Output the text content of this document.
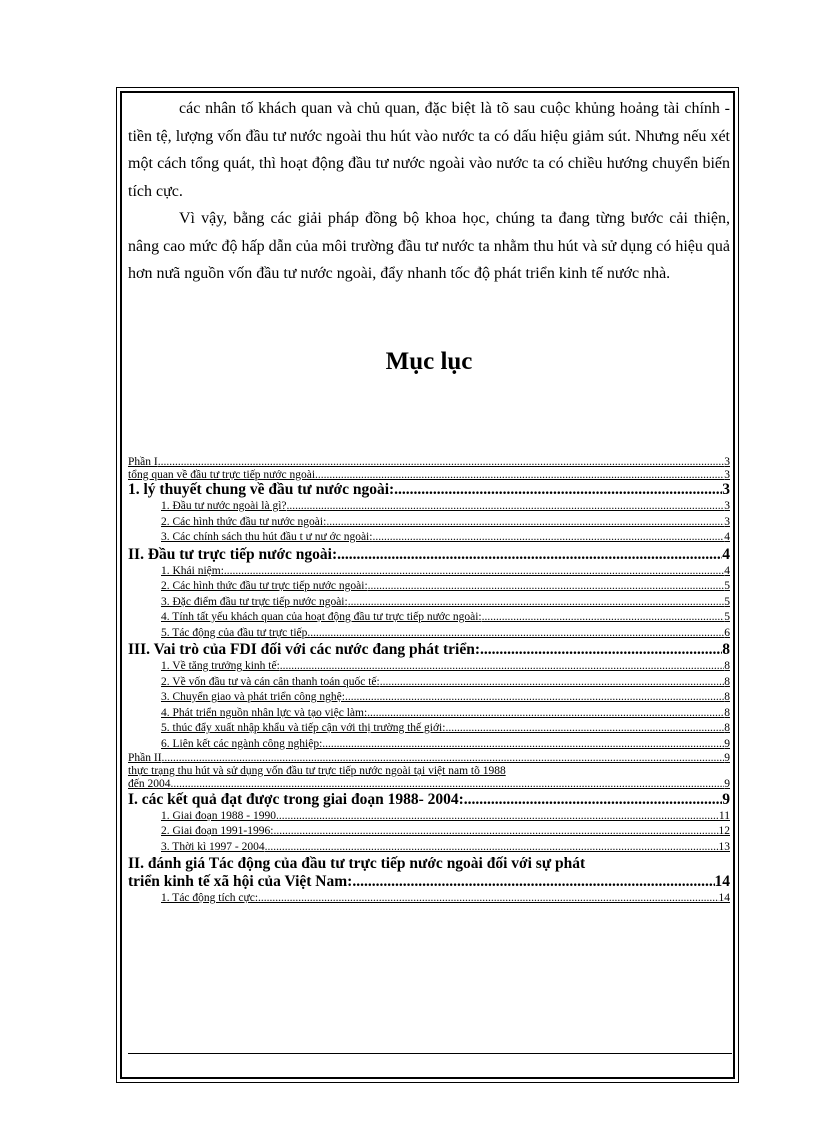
các nhân tố khách quan và chủ quan, đặc biệt là tõ sau cuộc khủng hoảng tài chính - tiền tệ, lượng vốn đầu tư nước ngoài thu hút vào nước ta có dấu hiệu giảm sút. Nhưng nếu xét một cách tổng quát, thì hoạt động đầu tư nước ngoài vào nước ta có chiều hướng chuyển biến tích cực.

Vì vậy, bằng các giải pháp đồng bộ khoa học, chúng ta đang từng bước cải thiện, nâng cao mức độ hấp dẫn của môi trường đầu tư nước ta nhằm thu hút và sử dụng có hiệu quả hơn nưã nguồn vốn đầu tư nước ngoài, đẩy nhanh tốc độ phát triển kinh tế nước nhà.

Mục lục
Phần I .....	3
tổng quan về đầu tư trực tiếp nước ngoài .....	3
1. lý thuyết chung về đầu tư nước ngoài: .....	3
1. Đầu tư nước ngoài là gì? .....	3
2. Các hình thức đầu tư nước ngoài: .....	3
3. Các chính sách thu hút đầu t ư nư ớc ngoài: .....	4
II. Đầu tư trực tiếp nước ngoài: .....	4
1. Khái niệm: .....	4
2. Các hình thức đầu tư trực tiếp nước ngoài: .....	5
3. Đặc điểm đầu tư trực tiếp nước ngoài: .....	5
4. Tính tất yếu khách quan của hoạt động đầu tư trực tiếp nước ngoài: .....	5
5. Tác động của đầu tư trực tiếp. .....	6
III. Vai trò của FDI đối với các nước đang phát triển: .....	8
1. Về tăng trưởng kinh tế: .....	8
2. Về vốn đầu tư và cán cân thanh toán quốc tế: .....	8
3. Chuyển giao và phát triển công nghệ: .....	8
4. Phát triển nguồn nhân lực và tạo việc làm: .....	8
5. thúc đẩy xuất nhập khẩu và tiếp cận với thị trường thế giới: .....	8
6. Liên kết các ngành công nghiệp: .....	9
Phần II .....	9
thực trạng thu hút và sử dụng vốn đầu tư trực tiếp nước ngoài tại việt nam tõ 1988
đến 2004 .....	9
I. các kết quả đạt được trong giai đoạn 1988- 2004: .....	9
1. Giai đoạn 1988 - 1990 .....	11
2. Giai đoạn 1991-1996: .....	12
3. Thời kì 1997 - 2004 .....	13
II. đánh giá Tác động của đầu tư trực tiếp nước ngoài đối với sự phát
triển kinh tế xã hội của Việt Nam: .....	14
1. Tác động tích cực: .....	14
